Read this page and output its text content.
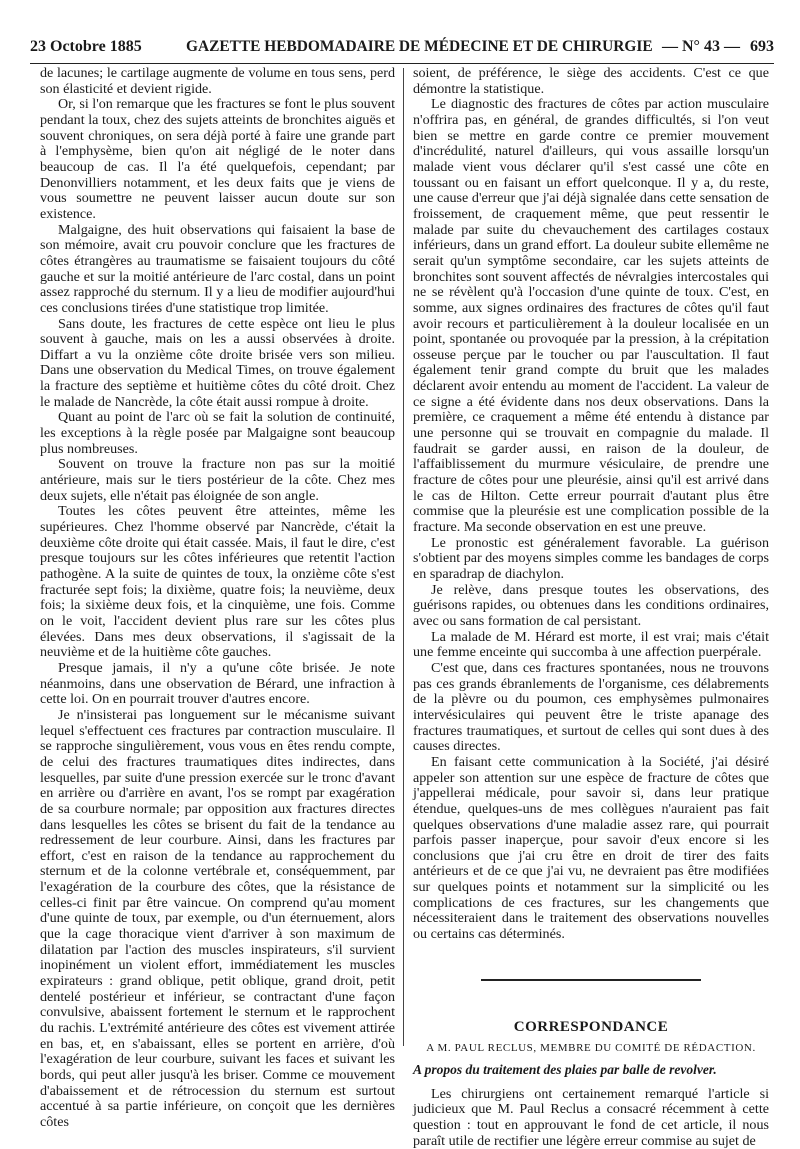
23 Octobre 1885	GAZETTE HEBDOMADAIRE DE MÉDECINE ET DE CHIRURGIE — N° 43 — 693

de lacunes; le cartilage augmente de volume en tous sens, perd son élasticité et devient rigide.

Or, si l'on remarque que les fractures se font le plus souvent pendant la toux, chez des sujets atteints de bronchites aiguës et souvent chroniques, on sera déjà porté à faire une grande part à l'emphysème, bien qu'on ait négligé de le noter dans beaucoup de cas. Il l'a été quelquefois, cependant; par Denonvilliers notamment, et les deux faits que je viens de vous soumettre ne peuvent laisser aucun doute sur son existence.

Malgaigne, des huit observations qui faisaient la base de son mémoire, avait cru pouvoir conclure que les fractures de côtes étrangères au traumatisme se faisaient toujours du côté gauche et sur la moitié antérieure de l'arc costal, dans un point assez rapproché du sternum. Il y a lieu de modifier aujourd'hui ces conclusions tirées d'une statistique trop limitée.

Sans doute, les fractures de cette espèce ont lieu le plus souvent à gauche, mais on les a aussi observées à droite. Diffart a vu la onzième côte droite brisée vers son milieu. Dans une observation du Medical Times, on trouve également la fracture des septième et huitième côtes du côté droit. Chez le malade de Nancrède, la côte était aussi rompue à droite.

Quant au point de l'arc où se fait la solution de continuité, les exceptions à la règle posée par Malgaigne sont beaucoup plus nombreuses.

Souvent on trouve la fracture non pas sur la moitié antérieure, mais sur le tiers postérieur de la côte. Chez mes deux sujets, elle n'était pas éloignée de son angle.

Toutes les côtes peuvent être atteintes, même les supérieures. Chez l'homme observé par Nancrède, c'était la deuxième côte droite qui était cassée. Mais, il faut le dire, c'est presque toujours sur les côtes inférieures que retentit l'action pathogène. A la suite de quintes de toux, la onzième côte s'est fracturée sept fois; la dixième, quatre fois; la neuvième, deux fois; la sixième deux fois, et la cinquième, une fois. Comme on le voit, l'accident devient plus rare sur les côtes plus élevées. Dans mes deux observations, il s'agissait de la neuvième et de la huitième côte gauches.

Presque jamais, il n'y a qu'une côte brisée. Je note néanmoins, dans une observation de Bérard, une infraction à cette loi. On en pourrait trouver d'autres encore.

Je n'insisterai pas longuement sur le mécanisme suivant lequel s'effectuent ces fractures par contraction musculaire. Il se rapproche singulièrement, vous vous en êtes rendu compte, de celui des fractures traumatiques dites indirectes, dans lesquelles, par suite d'une pression exercée sur le tronc d'avant en arrière ou d'arrière en avant, l'os se rompt par exagération de sa courbure normale; par opposition aux fractures directes dans lesquelles les côtes se brisent du fait de la tendance au redressement de leur courbure. Ainsi, dans les fractures par effort, c'est en raison de la tendance au rapprochement du sternum et de la colonne vertébrale et, conséquemment, par l'exagération de la courbure des côtes, que la résistance de celles-ci finit par être vaincue. On comprend qu'au moment d'une quinte de toux, par exemple, ou d'un éternuement, alors que la cage thoracique vient d'arriver à son maximum de dilatation par l'action des muscles inspirateurs, s'il survient inopinément un violent effort, immédiatement les muscles expirateurs : grand oblique, petit oblique, grand droit, petit dentelé postérieur et inférieur, se contractant d'une façon convulsive, abaissent fortement le sternum et le rapprochent du rachis. L'extrémité antérieure des côtes est vivement attirée en bas, et, en s'abaissant, elles se portent en arrière, d'où l'exagération de leur courbure, suivant les faces et suivant les bords, qui peut aller jusqu'à les briser. Comme ce mouvement d'abaissement et de rétrocession du sternum est surtout accentué à sa partie inférieure, on conçoit que les dernières côtes

soient, de préférence, le siège des accidents. C'est ce que démontre la statistique.

Le diagnostic des fractures de côtes par action musculaire n'offrira pas, en général, de grandes difficultés, si l'on veut bien se mettre en garde contre ce premier mouvement d'incrédulité, naturel d'ailleurs, qui vous assaille lorsqu'un malade vient vous déclarer qu'il s'est cassé une côte en toussant ou en faisant un effort quelconque. Il y a, du reste, une cause d'erreur que j'ai déjà signalée dans cette sensation de froissement, de craquement même, que peut ressentir le malade par suite du chevauchement des cartilages costaux inférieurs, dans un grand effort. La douleur subite ellemême ne serait qu'un symptôme secondaire, car les sujets atteints de bronchites sont souvent affectés de névralgies intercostales qui ne se révèlent qu'à l'occasion d'une quinte de toux. C'est, en somme, aux signes ordinaires des fractures de côtes qu'il faut avoir recours et particulièrement à la douleur localisée en un point, spontanée ou provoquée par la pression, à la crépitation osseuse perçue par le toucher ou par l'auscultation. Il faut également tenir grand compte du bruit que les malades déclarent avoir entendu au moment de l'accident. La valeur de ce signe a été évidente dans nos deux observations. Dans la première, ce craquement a même été entendu à distance par une personne qui se trouvait en compagnie du malade. Il faudrait se garder aussi, en raison de la douleur, de l'affaiblissement du murmure vésiculaire, de prendre une fracture de côtes pour une pleurésie, ainsi qu'il est arrivé dans le cas de Hilton. Cette erreur pourrait d'autant plus être commise que la pleurésie est une complication possible de la fracture. Ma seconde observation en est une preuve.

Le pronostic est généralement favorable. La guérison s'obtient par des moyens simples comme les bandages de corps en sparadrap de diachylon.

Je relève, dans presque toutes les observations, des guérisons rapides, ou obtenues dans les conditions ordinaires, avec ou sans formation de cal persistant.

La malade de M. Hérard est morte, il est vrai; mais c'était une femme enceinte qui succomba à une affection puerpérale.

C'est que, dans ces fractures spontanées, nous ne trouvons pas ces grands ébranlements de l'organisme, ces délabrements de la plèvre ou du poumon, ces emphysèmes pulmonaires intervésiculaires qui peuvent être le triste apanage des fractures traumatiques, et surtout de celles qui sont dues à des causes directes.

En faisant cette communication à la Société, j'ai désiré appeler son attention sur une espèce de fracture de côtes que j'appellerai médicale, pour savoir si, dans leur pratique étendue, quelques-uns de mes collègues n'auraient pas fait quelques observations d'une maladie assez rare, qui pourrait parfois passer inaperçue, pour savoir d'eux encore si les conclusions que j'ai cru être en droit de tirer des faits antérieurs et de ce que j'ai vu, ne devraient pas être modifiées sur quelques points et notamment sur la simplicité ou les complications de ces fractures, sur les changements que nécessiteraient dans le traitement des observations nouvelles ou certains cas déterminés.

CORRESPONDANCE
A M. PAUL RECLUS, MEMBRE DU COMITÉ DE RÉDACTION.
A propos du traitement des plaies par balle de revolver.

Les chirurgiens ont certainement remarqué l'article si judicieux que M. Paul Reclus a consacré récemment à cette question : tout en approuvant le fond de cet article, il nous paraît utile de rectifier une légère erreur commise au sujet de
